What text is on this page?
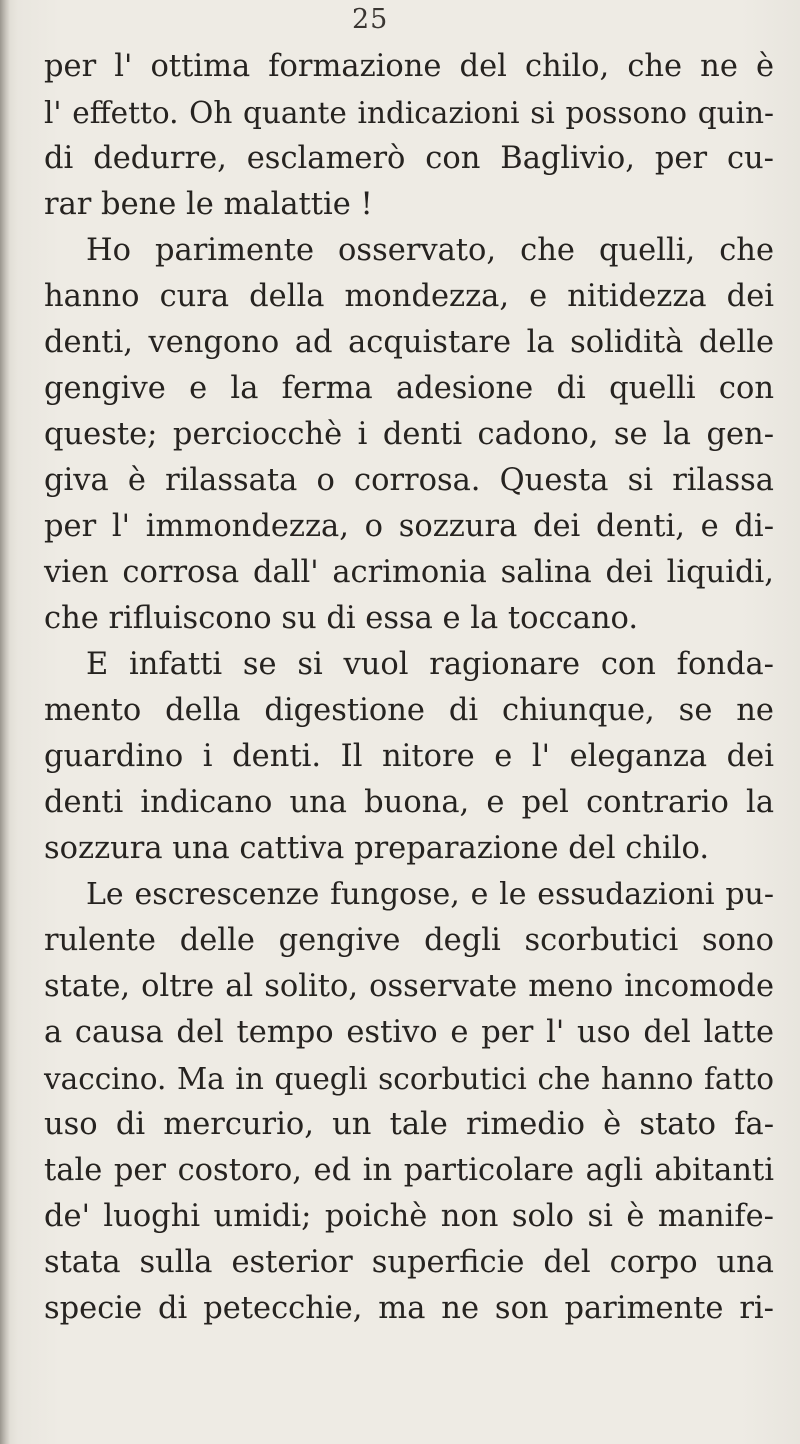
25
per l' ottima formazione del chilo, che ne è
l' effetto. Oh quante indicazioni si possono quin-
di dedurre, esclamerò con Baglivio, per cu-
rar bene le malattie !
Ho parimente osservato, che quelli, che
hanno cura della mondezza, e nitidezza dei
denti, vengono ad acquistare la solidità delle
gengive e la ferma adesione di quelli con
queste; perciocchè i denti cadono, se la gen-
giva è rilassata o corrosa. Questa si rilassa
per l' immondezza, o sozzura dei denti, e di-
vien corrosa dall' acrimonia salina dei liquidi,
che rifluiscono su di essa e la toccano.
E infatti se si vuol ragionare con fonda-
mento della digestione di chiunque, se ne
guardino i denti. Il nitore e l' eleganza dei
denti indicano una buona, e pel contrario la
sozzura una cattiva preparazione del chilo.
Le escrescenze fungose, e le essudazioni pu-
rulente delle gengive degli scorbutici sono
state, oltre al solito, osservate meno incomode
a causa del tempo estivo e per l' uso del latte
vaccino. Ma in quegli scorbutici che hanno fatto
uso di mercurio, un tale rimedio è stato fa-
tale per costoro, ed in particolare agli abitanti
de' luoghi umidi; poichè non solo si è manife-
stata sulla esterior superficie del corpo una
specie di petecchie, ma ne son parimente ri-
